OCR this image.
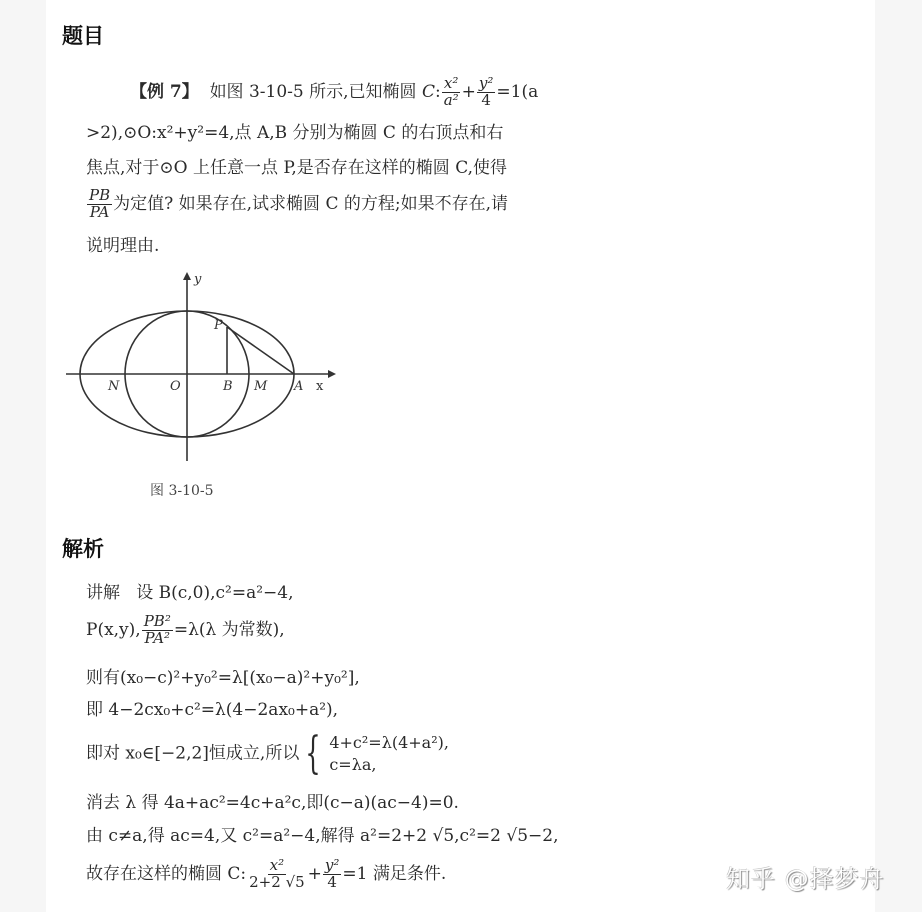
题目
【例 7】 如图 3-10-5 所示,已知椭圆 C: $\frac{\text{x²}}{\text{a²}} + \frac{\text{y²}}{4} =1(a$
>2),⊙O:x²+y²=4,点 A,B 分别为椭圆 C 的右顶点和右
焦点,对于⊙O 上任意一点 P,是否存在这样的椭圆 C,使得
$\frac{PB}{PA}$ 为定值? 如果存在,试求椭圆 C 的方程;如果不存在,请
说明理由.
y
P
N	O	B M A x
图 3-10-5
解析
讲解 设 B(c,0),c²=a²−4,
P(x,y), $\frac{\text{PB²}}{\text{PA²}} =\lambda(\lambda$ 为常数),
则有(x₀−c)²+y₀²=λ[(x₀−a)²+y₀²],
即 4−2cx₀+c²=λ(4−2ax₀+a²),
即对 x₀∈[−2,2]恒成立,所以 { 4+c²=λ(4+a²),
c=λa,
消去 λ 得 4a+ac²=4c+a²c,即(c−a)(ac−4)=0.
由 c≠a,得 ac=4,又 c²=a²−4,解得 a²=2+2 √5,c²=2 √5−2,
故存在这样的椭圆 C: $\frac{\text{x²}}{2+2 √5} + \frac{\text{y²}}{4} =1$ 满足条件.	知乎 @择梦舟
